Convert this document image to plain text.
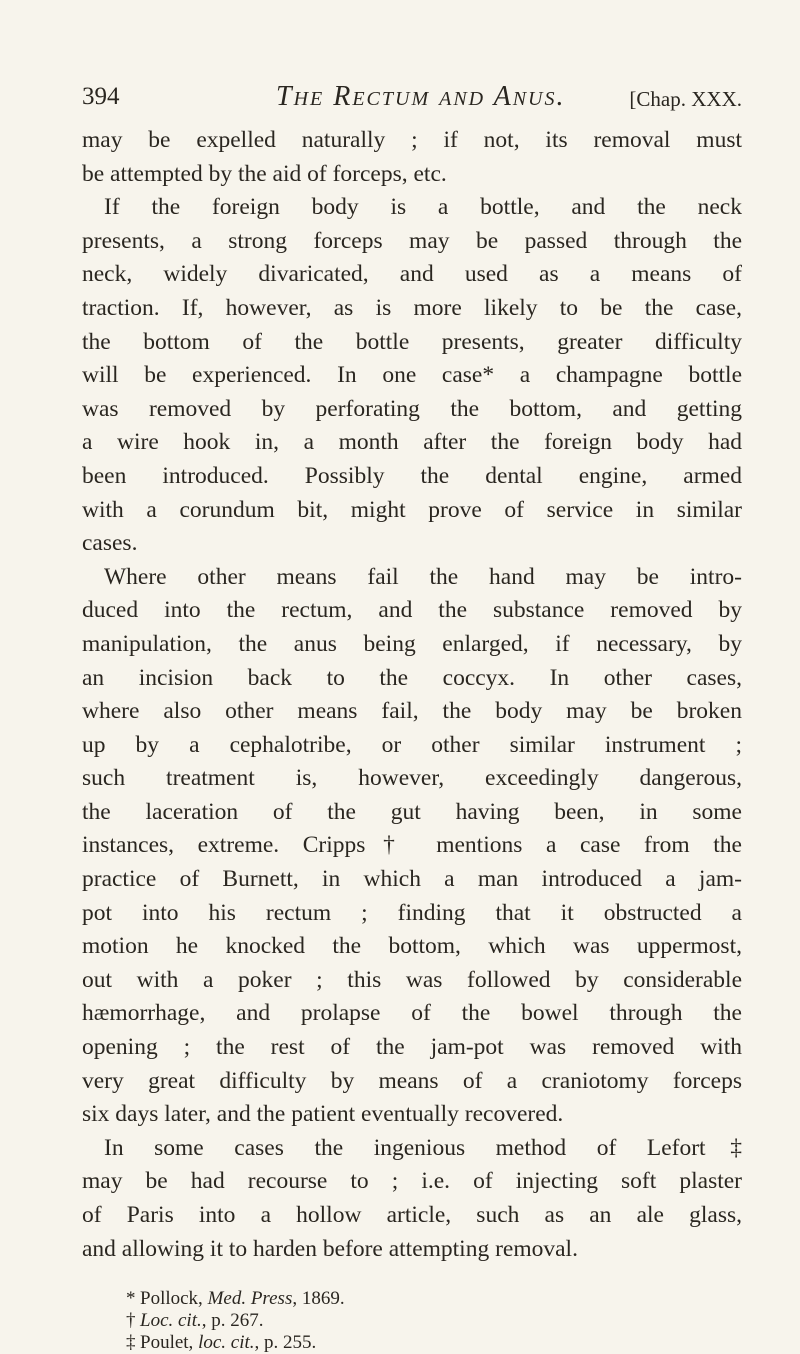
394	The Rectum and Anus.	[Chap. XXX.
may be expelled naturally ; if not, its removal must
be attempted by the aid of forceps, etc.
If the foreign body is a bottle, and the neck
presents, a strong forceps may be passed through the
neck, widely divaricated, and used as a means of
traction. If, however, as is more likely to be the case,
the bottom of the bottle presents, greater difficulty
will be experienced. In one case* a champagne bottle
was removed by perforating the bottom, and getting
a wire hook in, a month after the foreign body had
been introduced. Possibly the dental engine, armed
with a corundum bit, might prove of service in similar
cases.
Where other means fail the hand may be intro-
duced into the rectum, and the substance removed by
manipulation, the anus being enlarged, if necessary, by
an incision back to the coccyx. In other cases,
where also other means fail, the body may be broken
up by a cephalotribe, or other similar instrument ;
such treatment is, however, exceedingly dangerous,
the laceration of the gut having been, in some
instances, extreme. Cripps† mentions a case from the
practice of Burnett, in which a man introduced a jam-
pot into his rectum ; finding that it obstructed a
motion he knocked the bottom, which was uppermost,
out with a poker ; this was followed by considerable
hæmorrhage, and prolapse of the bowel through the
opening ; the rest of the jam-pot was removed with
very great difficulty by means of a craniotomy forceps
six days later, and the patient eventually recovered.
In some cases the ingenious method of Lefort‡
may be had recourse to ; i.e. of injecting soft plaster
of Paris into a hollow article, such as an ale glass,
and allowing it to harden before attempting removal.
* Pollock, Med. Press, 1869.
† Loc. cit., p. 267.
‡ Poulet, loc. cit., p. 255.
